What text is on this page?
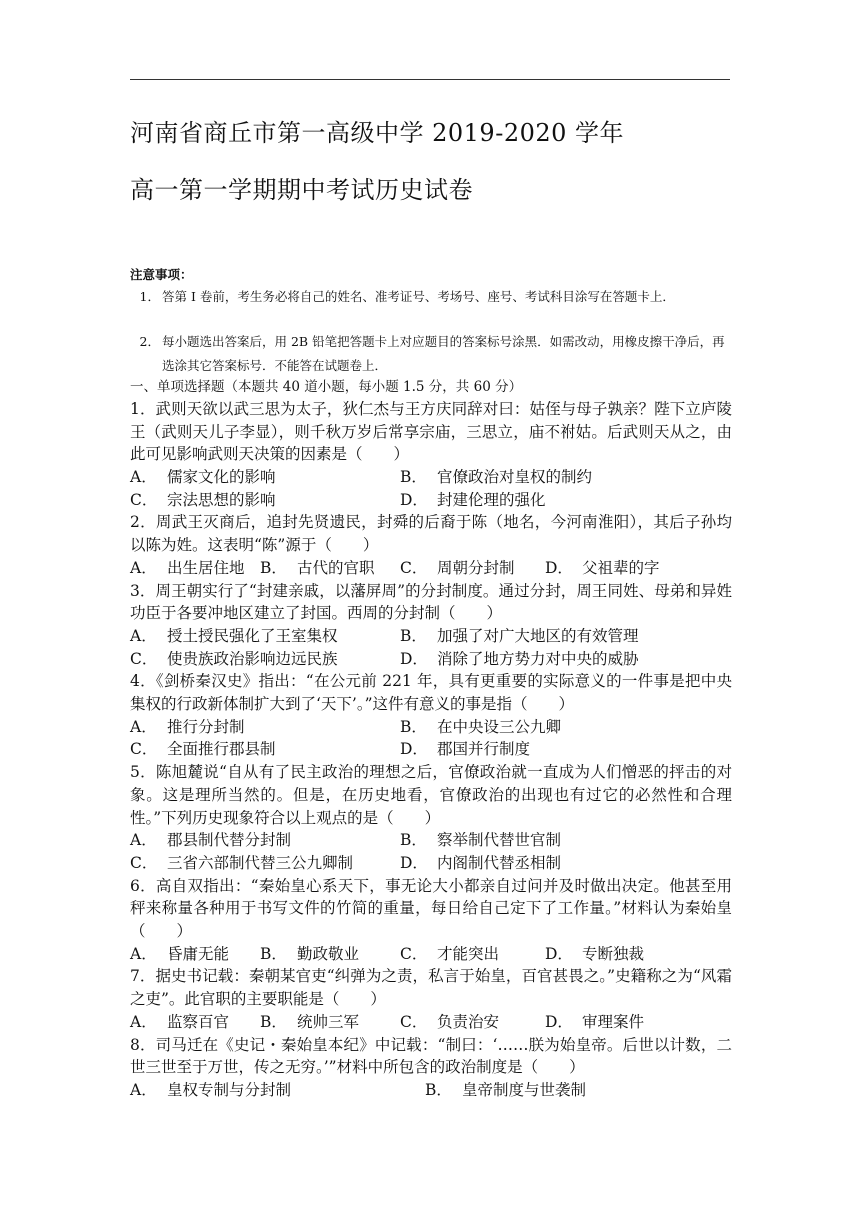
河南省商丘市第一高级中学 2019-2020 学年
高一第一学期期中考试历史试卷
注意事项：
1． 答第 I 卷前，考生务必将自己的姓名、准考证号、考场号、座号、考试科目涂写在答题卡上．
2． 每小题选出答案后，用 2B 铅笔把答题卡上对应题目的答案标号涂黑．如需改动，用橡皮擦干净后，再选涂其它答案标号．不能答在试题卷上．
一、单项选择题（本题共 40 道小题，每小题 1.5 分，共 60 分）

1．武则天欲以武三思为太子，狄仁杰与王方庆同辞对曰：姑侄与母子孰亲？陛下立庐陵王（武则天儿子李显），则千秋万岁后常享宗庙，三思立，庙不祔姑。后武则天从之，由此可见影响武则天决策的因素是（　　）

A． 儒家文化的影响	B． 官僚政治对皇权的制约
C． 宗法思想的影响	D． 封建伦理的强化

2．周武王灭商后，追封先贤遗民，封舜的后裔于陈（地名，今河南淮阳），其后子孙均以陈为姓。这表明“陈”源于（　　）

A． 出生居住地 B． 古代的官职 C． 周朝分封制 D． 父祖辈的字

3．周王朝实行了“封建亲戚，以藩屏周”的分封制度。通过分封，周王同姓、母弟和异姓功臣于各要冲地区建立了封国。西周的分封制（　　）

A． 授土授民强化了王室集权	B． 加强了对广大地区的有效管理
C． 使贵族政治影响边远民族	D． 消除了地方势力对中央的威胁

4．《剑桥秦汉史》指出：“在公元前 221 年，具有更重要的实际意义的一件事是把中央集权的行政新体制扩大到了‘天下’。”这件有意义的事是指（　　）

A． 推行分封制	B． 在中央设三公九卿
C． 全面推行郡县制	D． 郡国并行制度

5．陈旭麓说“自从有了民主政治的理想之后，官僚政治就一直成为人们憎恶的抨击的对象。这是理所当然的。但是，在历史地看，官僚政治的出现也有过它的必然性和合理性。”下列历史现象符合以上观点的是（　　）

A． 郡县制代替分封制	B． 察举制代替世官制
C． 三省六部制代替三公九卿制	D． 内阁制代替丞相制

6．高自双指出：“秦始皇心系天下，事无论大小都亲自过问并及时做出决定。他甚至用秤来称量各种用于书写文件的竹简的重量，每日给自己定下了工作量。”材料认为秦始皇（　　）

A． 昏庸无能 B． 勤政敬业	C． 才能突出	D． 专断独裁

7．据史书记载：秦朝某官吏“纠弹为之责，私言于始皇，百官甚畏之。”史籍称之为“风霜之吏”。此官职的主要职能是（　　）

A． 监察百官 B． 统帅三军	C． 负责治安	D． 审理案件

8．司马迁在《史记・秦始皇本纪》中记载：“制曰：‘……朕为始皇帝。后世以计数，二世三世至于万世，传之无穷。’”材料中所包含的政治制度是（　　）

A． 皇权专制与分封制	B． 皇帝制度与世袭制
